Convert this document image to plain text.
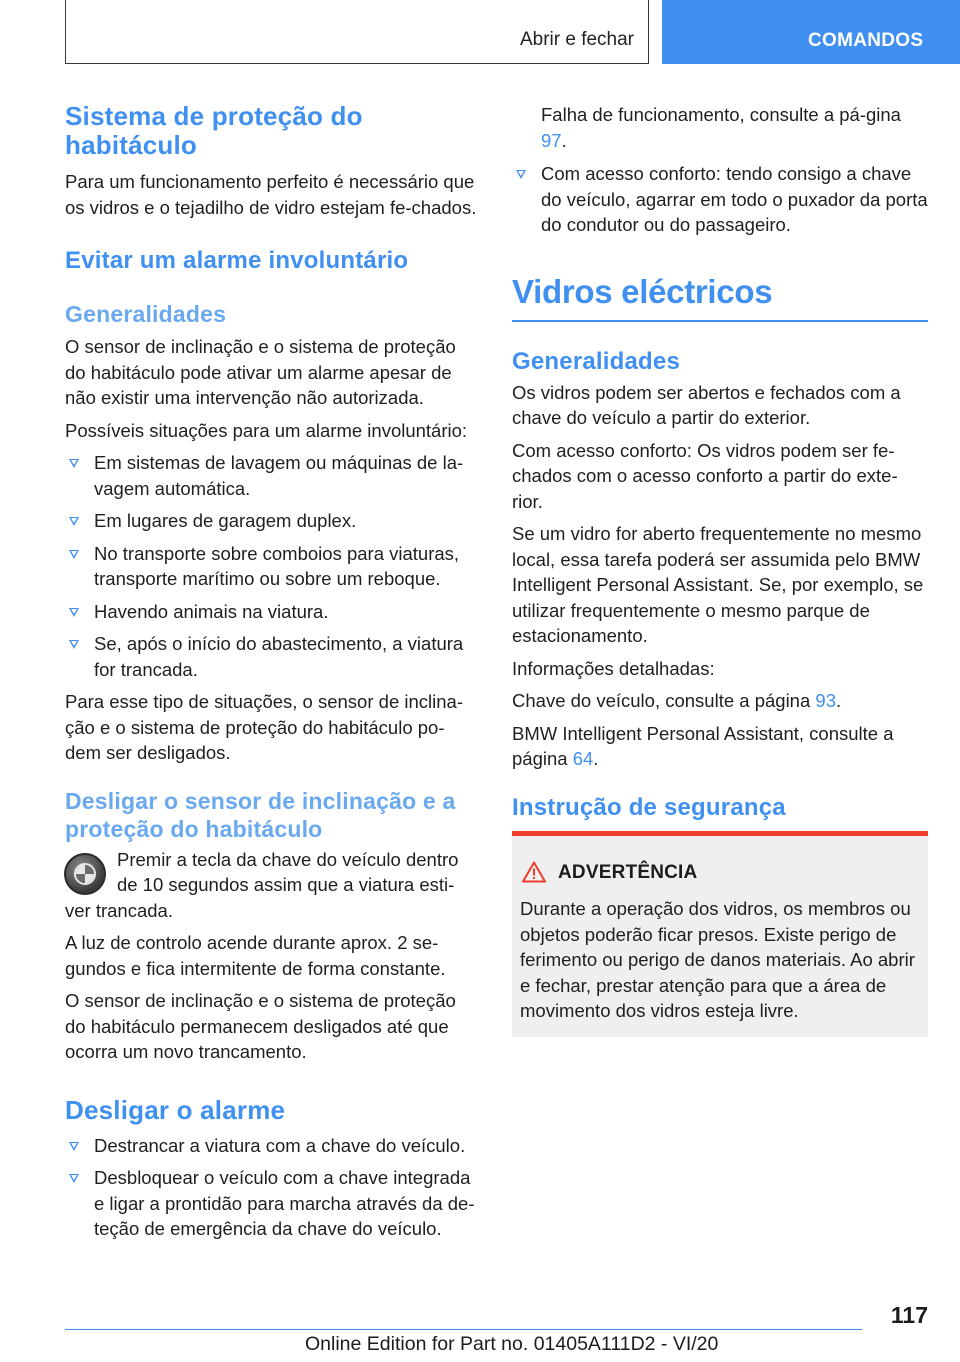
Abrir e fechar	COMANDOS
Sistema de proteção do habitáculo

Para um funcionamento perfeito é necessário que os vidros e o tejadilho de vidro estejam fe-chados.

Evitar um alarme involuntário
Generalidades

O sensor de inclinação e o sistema de proteção do habitáculo pode ativar um alarme apesar de não existir uma intervenção não autorizada.

Possíveis situações para um alarme involuntário:

Em sistemas de lavagem ou máquinas de la-vagem automática.
Em lugares de garagem duplex.
No transporte sobre comboios para viaturas, transporte marítimo ou sobre um reboque.
Havendo animais na viatura.
Se, após o início do abastecimento, a viatura for trancada.

Para esse tipo de situações, o sensor de inclina-ção e o sistema de proteção do habitáculo po-dem ser desligados.

Desligar o sensor de inclinação e a proteção do habitáculo

Premir a tecla da chave do veículo dentro de 10 segundos assim que a viatura esti-ver trancada.

A luz de controlo acende durante aprox. 2 se-gundos e fica intermitente de forma constante.

O sensor de inclinação e o sistema de proteção do habitáculo permanecem desligados até que ocorra um novo trancamento.

Desligar o alarme
Destrancar a viatura com a chave do veículo.
Desbloquear o veículo com a chave integrada e ligar a prontidão para marcha através da de-teção de emergência da chave do veículo.
Falha de funcionamento, consulte a pá-gina 97.
Com acesso conforto: tendo consigo a chave do veículo, agarrar em todo o puxador da porta do condutor ou do passageiro.
Vidros eléctricos
Generalidades

Os vidros podem ser abertos e fechados com a chave do veículo a partir do exterior.

Com acesso conforto: Os vidros podem ser fe-chados com o acesso conforto a partir do exte-rior.

Se um vidro for aberto frequentemente no mesmo local, essa tarefa poderá ser assumida pelo BMW Intelligent Personal Assistant. Se, por exemplo, se utilizar frequentemente o mesmo parque de estacionamento.

Informações detalhadas:

Chave do veículo, consulte a página 93.

BMW Intelligent Personal Assistant, consulte a página 64.

Instrução de segurança
ADVERTÊNCIA
Durante a operação dos vidros, os membros ou objetos poderão ficar presos. Existe perigo de ferimento ou perigo de danos materiais. Ao abrir e fechar, prestar atenção para que a área de movimento dos vidros esteja livre.
117
Online Edition for Part no. 01405A111D2 - VI/20
